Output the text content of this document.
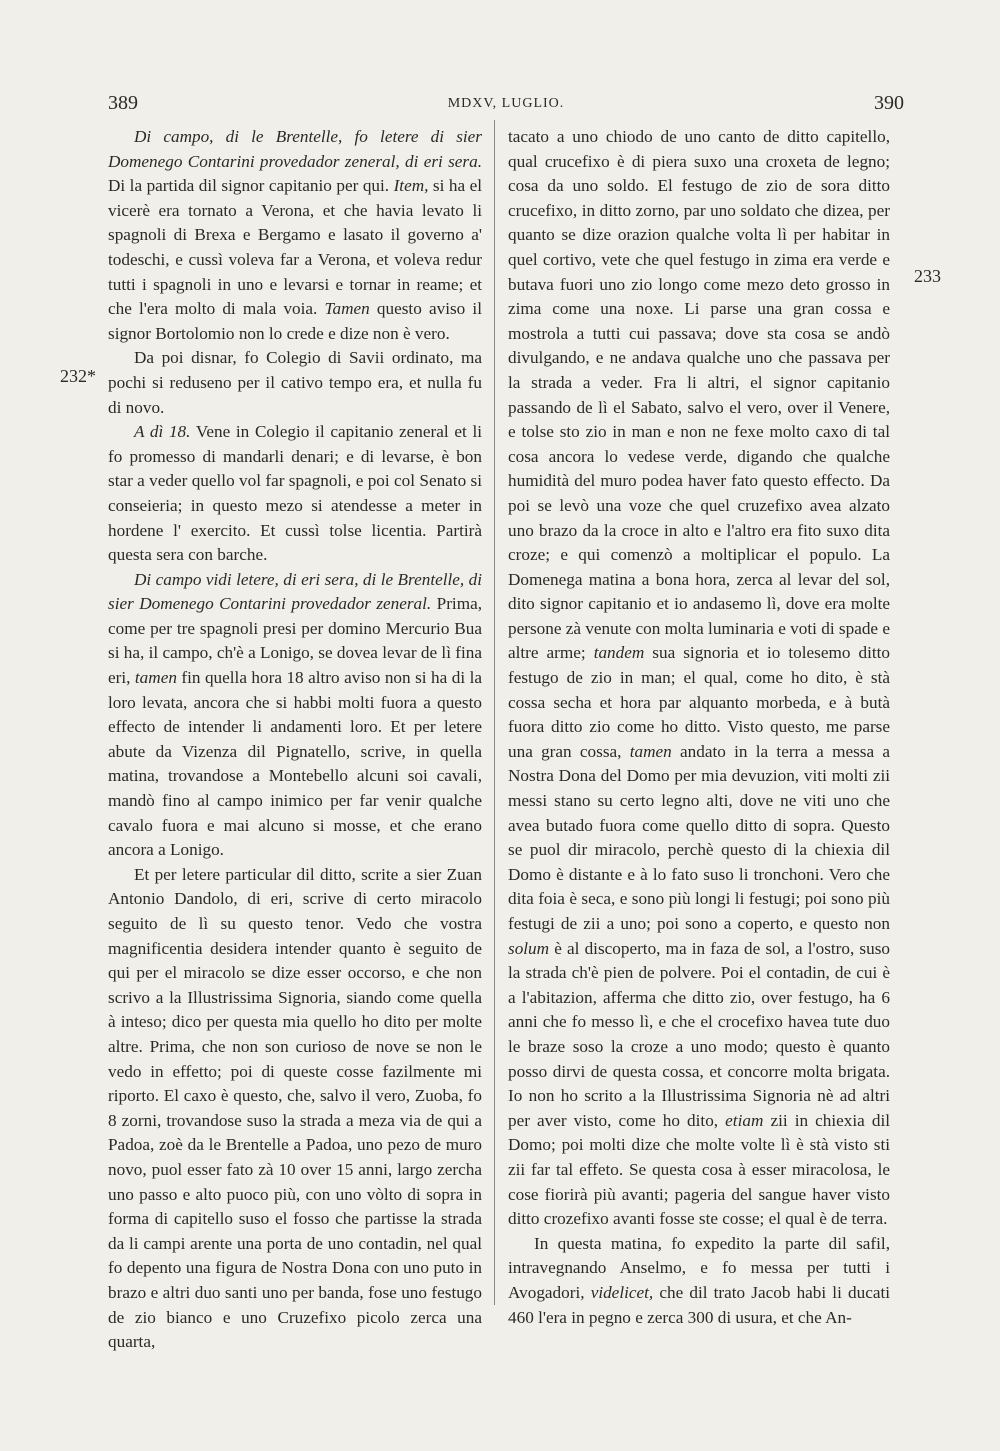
389	MDXV, LUGLIO.	390
232*
233

Di campo, di le Brentelle, fo letere di sier Domenego Contarini provedador zeneral, di eri sera. Di la partida dil signor capitanio per qui. Item, si ha el vicerè era tornato a Verona, et che havia levato li spagnoli di Brexa e Bergamo e lasato il governo a' todeschi, e cussì voleva far a Verona, et voleva redur tutti i spagnoli in uno e levarsi e tornar in reame; et che l'era molto di mala voia. Tamen questo aviso il signor Bortolomio non lo crede e dize non è vero.

Da poi disnar, fo Colegio di Savii ordinato, ma pochi si reduseno per il cativo tempo era, et nulla fu di novo.

A dì 18. Vene in Colegio il capitanio zeneral et li fo promesso di mandarli denari; e di levarse, è bon star a veder quello vol far spagnoli, e poi col Senato si conseieria; in questo mezo si atendesse a meter in hordene l' exercito. Et cussì tolse licentia. Partirà questa sera con barche.

Di campo vidi letere, di eri sera, di le Brentelle, di sier Domenego Contarini provedador zeneral. Prima, come per tre spagnoli presi per domino Mercurio Bua si ha, il campo, ch'è a Lonigo, se dovea levar de lì fina eri, tamen fin quella hora 18 altro aviso non si ha di la loro levata, ancora che si habbi molti fuora a questo effecto de intender li andamenti loro. Et per letere abute da Vizenza dil Pignatello, scrive, in quella matina, trovandose a Montebello alcuni soi cavali, mandò fino al campo inimico per far venir qualche cavalo fuora e mai alcuno si mosse, et che erano ancora a Lonigo.

Et per letere particular dil ditto, scrite a sier Zuan Antonio Dandolo, di eri, scrive di certo miracolo seguito de lì su questo tenor. Vedo che vostra magnificentia desidera intender quanto è seguito de qui per el miracolo se dize esser occorso, e che non scrivo a la Illustrissima Signoria, siando come quella à inteso; dico per questa mia quello ho dito per molte altre. Prima, che non son curioso de nove se non le vedo in effetto; poi di queste cosse fazilmente mi riporto. El caxo è questo, che, salvo il vero, Zuoba, fo 8 zorni, trovandose suso la strada a meza via de qui a Padoa, zoè da le Brentelle a Padoa, uno pezo de muro novo, puol esser fato zà 10 over 15 anni, largo zercha uno passo e alto puoco più, con uno vòlto di sopra in forma di capitello suso el fosso che partisse la strada da li campi arente una porta de uno contadin, nel qual fo depento una figura de Nostra Dona con uno puto in brazo e altri duo santi uno per banda, fose uno festugo de zio bianco e uno Cruzefixo picolo zerca una quarta,

tacato a uno chiodo de uno canto de ditto capitello, qual crucefixo è di piera suxo una croxeta de legno; cosa da uno soldo. El festugo de zio de sora ditto crucefixo, in ditto zorno, par uno soldato che dizea, per quanto se dize orazion qualche volta lì per habitar in quel cortivo, vete che quel festugo in zima era verde e butava fuori uno zio longo come mezo deto grosso in zima come una noxe. Li parse una gran cossa e mostrola a tutti cui passava; dove sta cosa se andò divulgando, e ne andava qualche uno che passava per la strada a veder. Fra li altri, el signor capitanio passando de lì el Sabato, salvo el vero, over il Venere, e tolse sto zio in man e non ne fexe molto caxo di tal cosa ancora lo vedese verde, digando che qualche humidità del muro podea haver fato questo effecto. Da poi se levò una voze che quel cruzefixo avea alzato uno brazo da la croce in alto e l'altro era fito suxo dita croze; e qui comenzò a moltiplicar el populo. La Domenega matina a bona hora, zerca al levar del sol, dito signor capitanio et io andasemo lì, dove era molte persone zà venute con molta luminaria e voti di spade e altre arme; tandem sua signoria et io tolesemo ditto festugo de zio in man; el qual, come ho dito, è stà cossa secha et hora par alquanto morbeda, e à butà fuora ditto zio come ho ditto. Visto questo, me parse una gran cossa, tamen andato in la terra a messa a Nostra Dona del Domo per mia devuzion, viti molti zii messi stano su certo legno alti, dove ne viti uno che avea butado fuora come quello ditto di sopra. Questo se puol dir miracolo, perchè questo di la chiexia dil Domo è distante e à lo fato suso li tronchoni. Vero che dita foia è seca, e sono più longi li festugi; poi sono più festugi de zii a uno; poi sono a coperto, e questo non solum è al discoperto, ma in faza de sol, a l'ostro, suso la strada ch'è pien de polvere. Poi el contadin, de cui è a l'abitazion, afferma che ditto zio, over festugo, ha 6 anni che fo messo lì, e che el crocefixo havea tute duo le braze soso la croze a uno modo; questo è quanto posso dirvi de questa cossa, et concorre molta brigata. Io non ho scrito a la Illustrissima Signoria nè ad altri per aver visto, come ho dito, etiam zii in chiexia dil Domo; poi molti dize che molte volte lì è stà visto sti zii far tal effeto. Se questa cosa à esser miracolosa, le cose fiorirà più avanti; pageria del sangue haver visto ditto crozefixo avanti fosse ste cosse; el qual è de terra.

In questa matina, fo expedito la parte dil safil, intravegnando Anselmo, e fo messa per tutti i Avogadori, videlicet, che dil trato Jacob habi li ducati 460 l'era in pegno e zerca 300 di usura, et che An-
